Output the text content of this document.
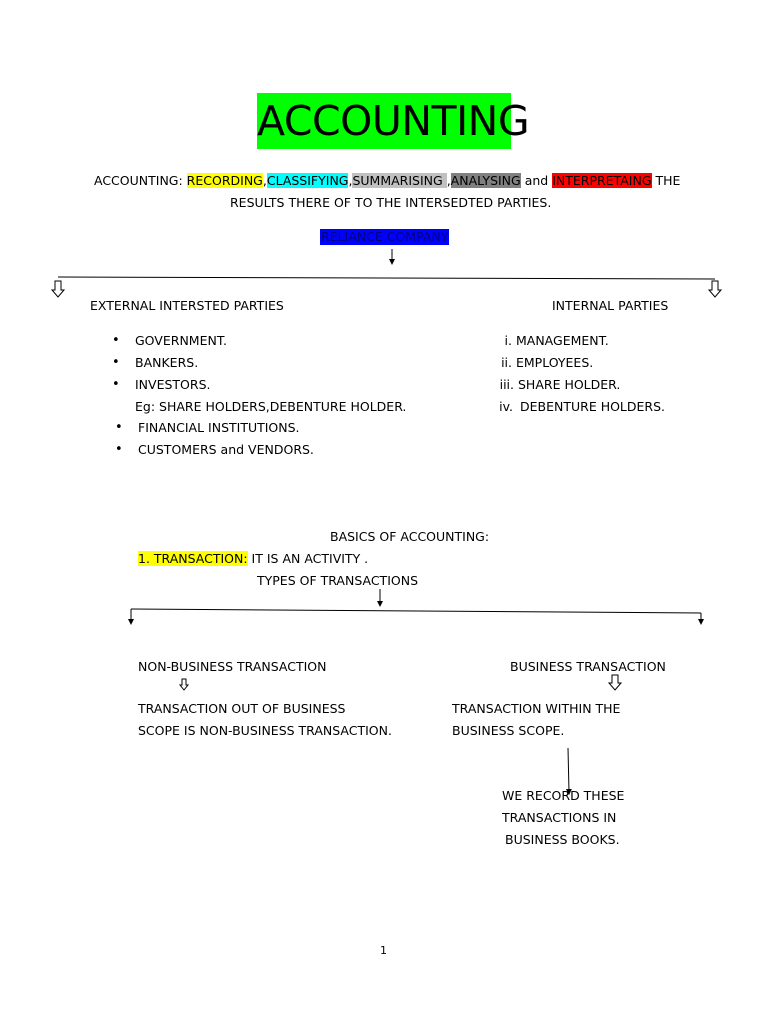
ACCOUNTING
ACCOUNTING: RECORDING,CLASSIFYING,SUMMARISING ,ANALYSING and INTERPRETAING THE
RESULTS THERE OF TO THE INTERSEDTED PARTIES.
RELIANCE COMPANY
EXTERNAL INTERSTED PARTIES	INTERNAL PARTIES
• GOVERNMENT.
• BANKERS.
• INVESTORS.
Eg: SHARE HOLDERS,DEBENTURE HOLDER.
• FINANCIAL INSTITUTIONS.
• CUSTOMERS and VENDORS.
i. MANAGEMENT.
ii. EMPLOYEES.
iii. SHARE HOLDER.
iv. DEBENTURE HOLDERS.
BASICS OF ACCOUNTING:
1. TRANSACTION: IT IS AN ACTIVITY .
TYPES OF TRANSACTIONS
NON-BUSINESS TRANSACTION
TRANSACTION OUT OF BUSINESS
SCOPE IS NON-BUSINESS TRANSACTION.
BUSINESS TRANSACTION
TRANSACTION WITHIN THE
BUSINESS SCOPE.
WE RECORD THESE
TRANSACTIONS IN
BUSINESS BOOKS.
1
